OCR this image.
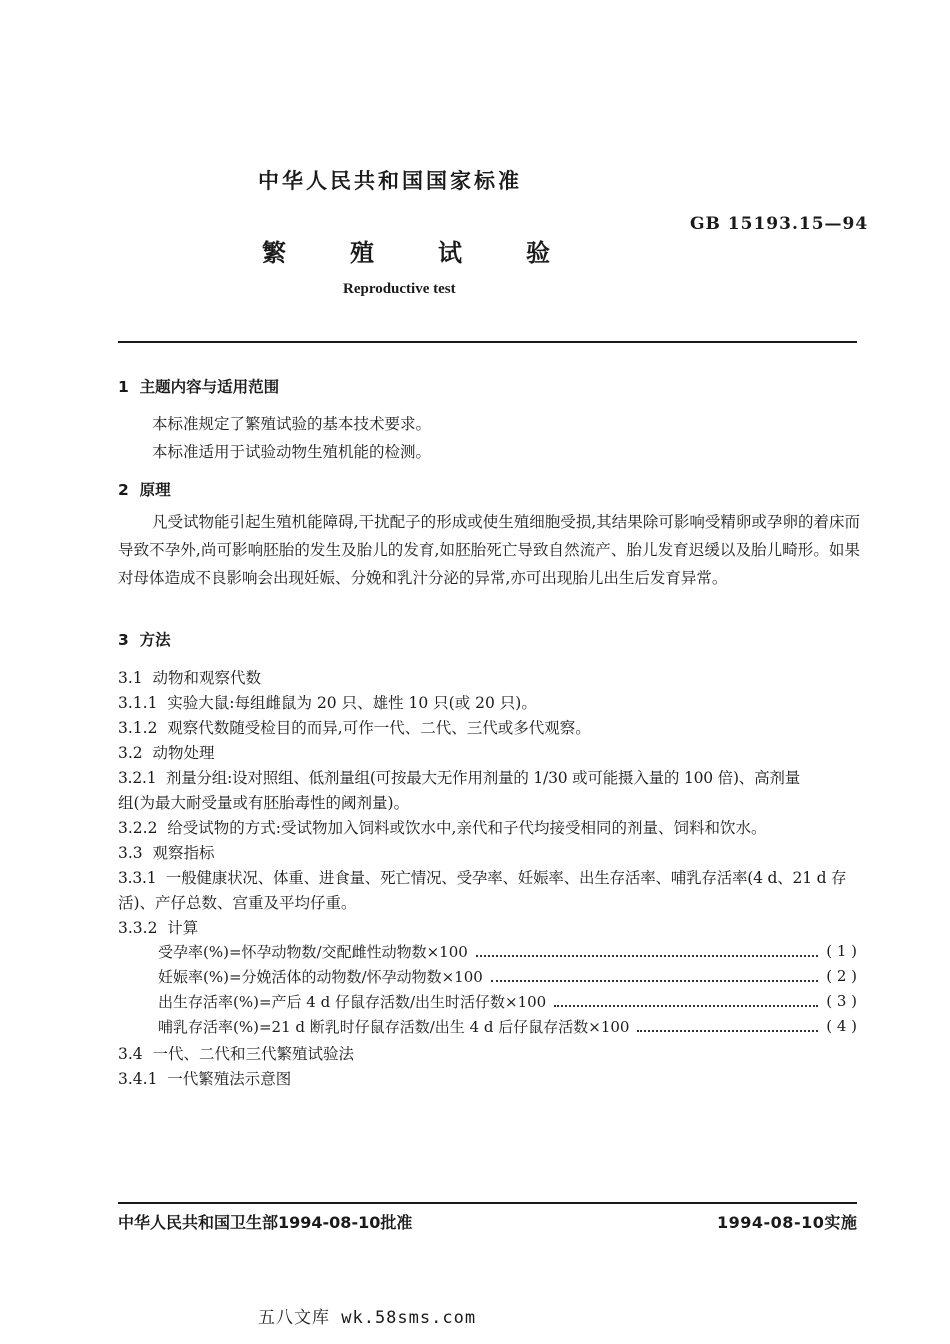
中华人民共和国国家标准
繁	殖	试	验
GB 15193.15—94
Reproductive test
1  主题内容与适用范围
本标准规定了繁殖试验的基本技术要求。
本标准适用于试验动物生殖机能的检测。
2  原理
凡受试物能引起生殖机能障碍,干扰配子的形成或使生殖细胞受损,其结果除可影响受精卵或孕卵的着床而导致不孕外,尚可影响胚胎的发生及胎儿的发育,如胚胎死亡导致自然流产、胎儿发育迟缓以及胎儿畸形。如果对母体造成不良影响会出现妊娠、分娩和乳汁分泌的异常,亦可出现胎儿出生后发育异常。
3  方法
3.1  动物和观察代数
3.1.1  实验大鼠:每组雌鼠为 20 只、雄性 10 只(或 20 只)。
3.1.2  观察代数随受检目的而异,可作一代、二代、三代或多代观察。
3.2  动物处理
3.2.1  剂量分组:设对照组、低剂量组(可按最大无作用剂量的 1/30 或可能摄入量的 100 倍)、高剂量
组(为最大耐受量或有胚胎毒性的阈剂量)。
3.2.2  给受试物的方式:受试物加入饲料或饮水中,亲代和子代均接受相同的剂量、饲料和饮水。
3.3  观察指标
3.3.1  一般健康状况、体重、进食量、死亡情况、受孕率、妊娠率、出生存活率、哺乳存活率(4 d、21 d 存
活)、产仔总数、宫重及平均仔重。
3.3.2  计算
受孕率(%)=怀孕动物数/交配雌性动物数×100	( 1 )
妊娠率(%)=分娩活体的动物数/怀孕动物数×100	( 2 )
出生存活率(%)=产后 4 d 仔鼠存活数/出生时活仔数×100	( 3 )
哺乳存活率(%)=21 d 断乳时仔鼠存活数/出生 4 d 后仔鼠存活数×100	( 4 )
3.4  一代、二代和三代繁殖试验法
3.4.1  一代繁殖法示意图
中华人民共和国卫生部1994-08-10批准	1994-08-10实施
五八文库 wk.58sms.com
